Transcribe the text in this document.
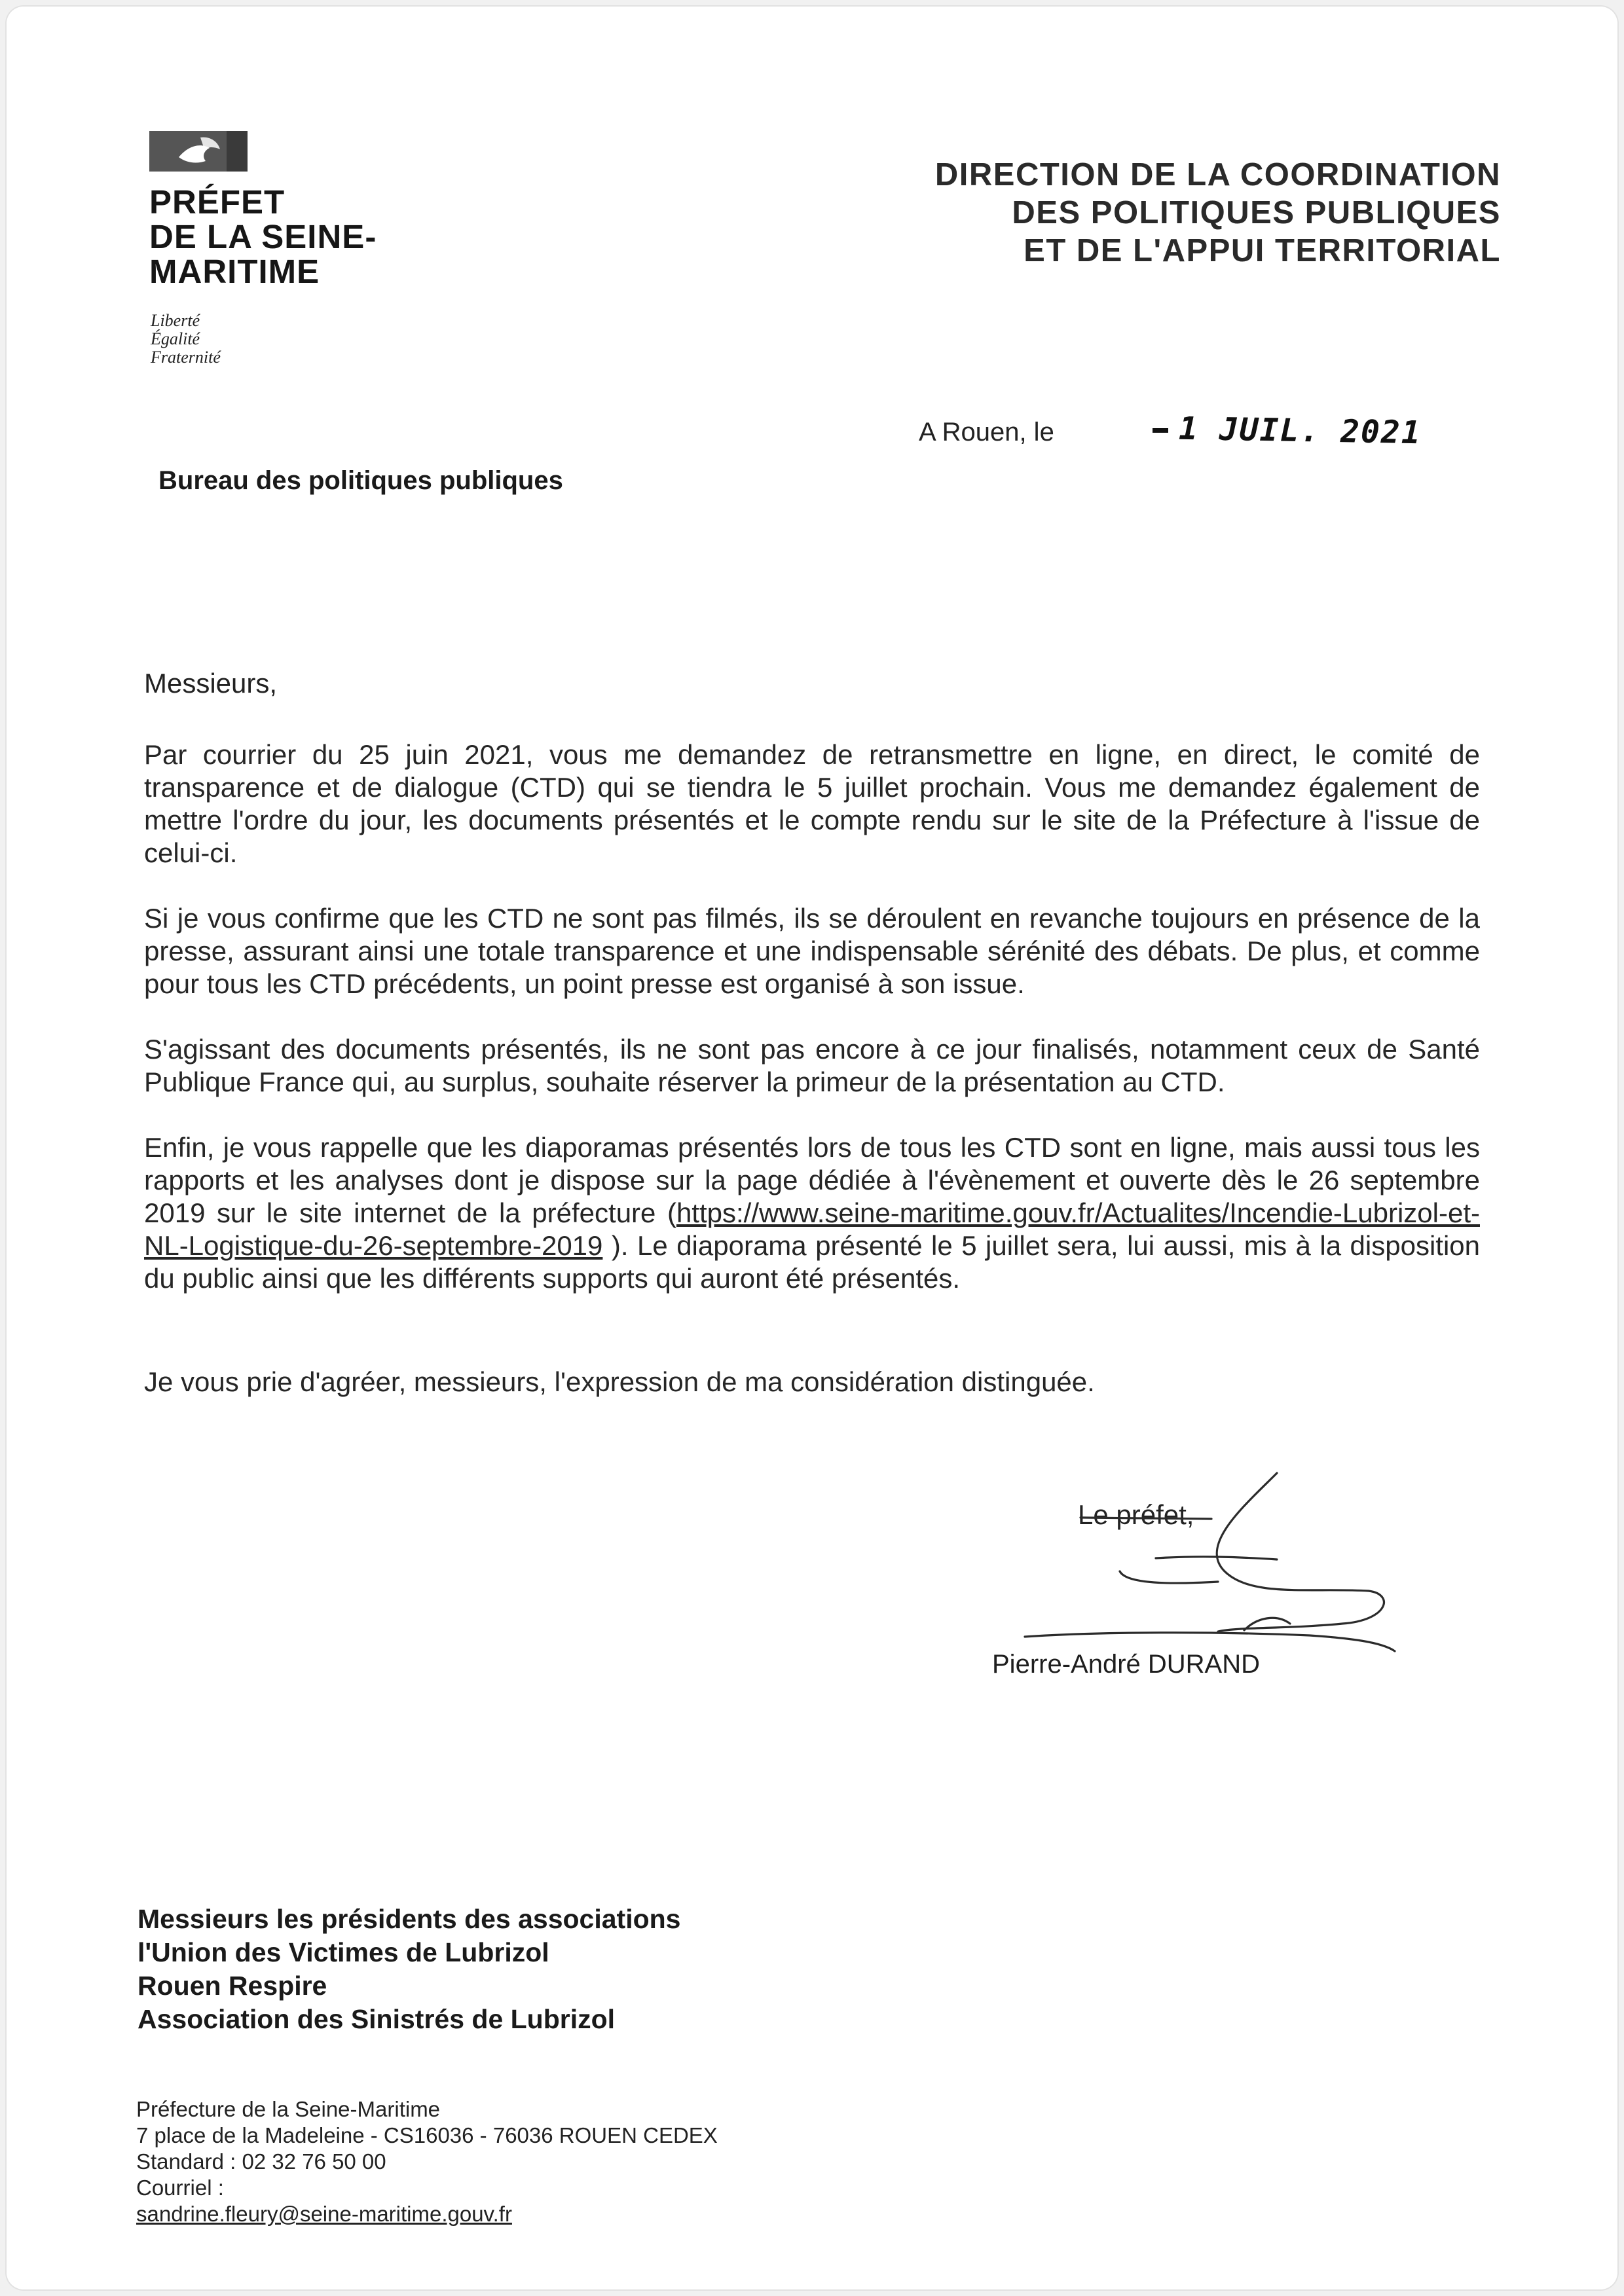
PRÉFET
DE LA SEINE-
MARITIME
Liberté
Égalité
Fraternité
DIRECTION DE LA COORDINATION
DES POLITIQUES PUBLIQUES
ET DE L'APPUI TERRITORIAL
A Rouen, le	1 JUIL. 2021
Bureau des politiques publiques
Messieurs,
Par courrier du 25 juin 2021, vous me demandez de retransmettre en ligne, en direct, le comité de transparence et de dialogue (CTD) qui se tiendra le 5 juillet prochain. Vous me demandez également de mettre l'ordre du jour, les documents présentés et le compte rendu sur le site de la Préfecture à l'issue de celui-ci.
Si je vous confirme que les CTD ne sont pas filmés, ils se déroulent en revanche toujours en présence de la presse, assurant ainsi une totale transparence et une indispensable sérénité des débats. De plus, et comme pour tous les CTD précédents, un point presse est organisé à son issue.
S'agissant des documents présentés, ils ne sont pas encore à ce jour finalisés, notamment ceux de Santé Publique France qui, au surplus, souhaite réserver la primeur de la présentation au CTD.
Enfin, je vous rappelle que les diaporamas présentés lors de tous les CTD sont en ligne, mais aussi tous les rapports et les analyses dont je dispose sur la page dédiée à l'évènement et ouverte dès le 26 septembre 2019 sur le site internet de la préfecture (https://www.seine-maritime.gouv.fr/Actualites/Incendie-Lubrizol-et-NL-Logistique-du-26-septembre-2019 ). Le diaporama présenté le 5 juillet sera, lui aussi, mis à la disposition du public ainsi que les différents supports qui auront été présentés.
Je vous prie d'agréer, messieurs, l'expression de ma considération distinguée.
Le préfet,
Pierre-André DURAND
Messieurs les présidents des associations
l'Union des Victimes de Lubrizol
Rouen Respire
Association des Sinistrés de Lubrizol
Préfecture de la Seine-Maritime
7 place de la Madeleine - CS16036 - 76036 ROUEN CEDEX
Standard : 02 32 76 50 00
Courriel :
sandrine.fleury@seine-maritime.gouv.fr
